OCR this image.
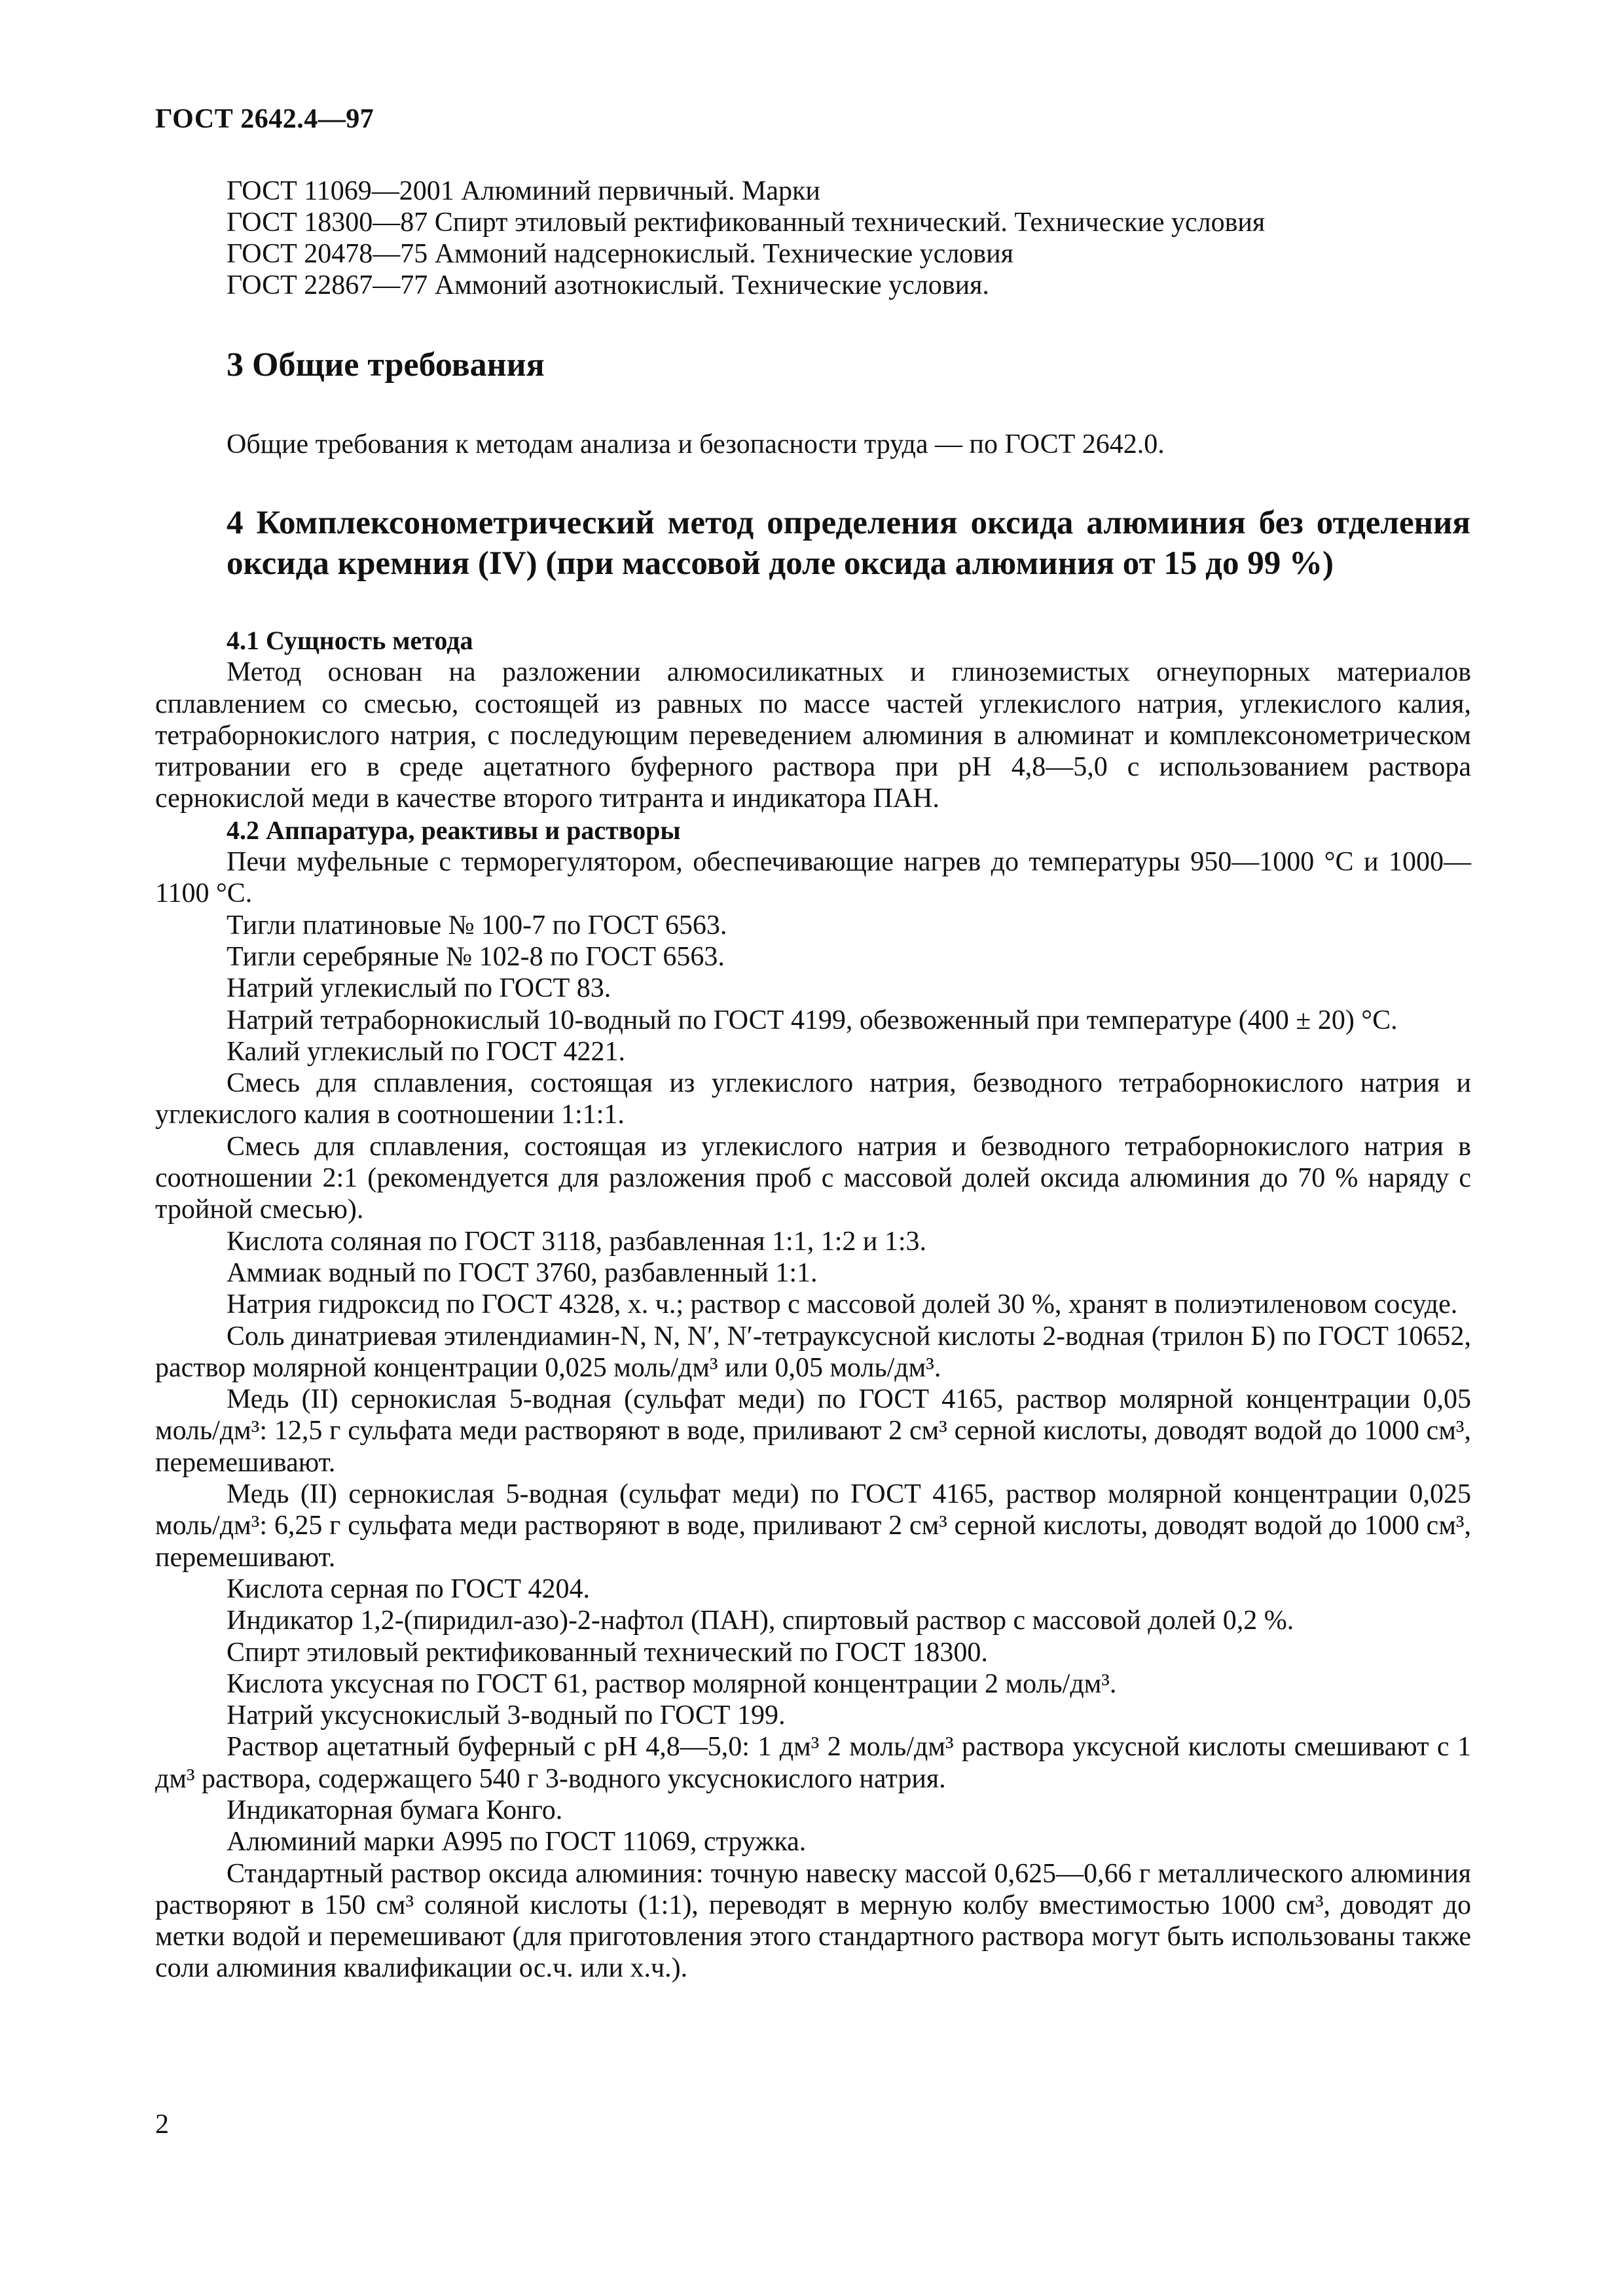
ГОСТ 2642.4—97
ГОСТ 11069—2001 Алюминий первичный. Марки
ГОСТ 18300—87 Спирт этиловый ректификованный технический. Технические условия
ГОСТ 20478—75 Аммоний надсернокислый. Технические условия
ГОСТ 22867—77 Аммоний азотнокислый. Технические условия.
3 Общие требования
Общие требования к методам анализа и безопасности труда — по ГОСТ 2642.0.
4 Комплексонометрический метод определения оксида алюминия без отделения оксида кремния (IV) (при массовой доле оксида алюминия от 15 до 99 %)
4.1 Сущность метода
Метод основан на разложении алюмосиликатных и глиноземистых огнеупорных материалов сплавлением со смесью, состоящей из равных по массе частей углекислого натрия, углекислого калия, тетраборнокислого натрия, с последующим переведением алюминия в алюминат и комплексонометрическом титровании его в среде ацетатного буферного раствора при рН 4,8—5,0 с использованием раствора сернокислой меди в качестве второго титранта и индикатора ПАН.
4.2 Аппаратура, реактивы и растворы
Печи муфельные с терморегулятором, обеспечивающие нагрев до температуры 950—1000 °С и 1000—1100 °С.
Тигли платиновые № 100-7 по ГОСТ 6563.
Тигли серебряные № 102-8 по ГОСТ 6563.
Натрий углекислый по ГОСТ 83.
Натрий тетраборнокислый 10-водный по ГОСТ 4199, обезвоженный при температуре (400 ± 20) °С.
Калий углекислый по ГОСТ 4221.
Смесь для сплавления, состоящая из углекислого натрия, безводного тетраборнокислого натрия и углекислого калия в соотношении 1:1:1.
Смесь для сплавления, состоящая из углекислого натрия и безводного тетраборнокислого натрия в соотношении 2:1 (рекомендуется для разложения проб с массовой долей оксида алюминия до 70 % наряду с тройной смесью).
Кислота соляная по ГОСТ 3118, разбавленная 1:1, 1:2 и 1:3.
Аммиак водный по ГОСТ 3760, разбавленный 1:1.
Натрия гидроксид по ГОСТ 4328, х. ч.; раствор с массовой долей 30 %, хранят в полиэтиленовом сосуде.
Соль динатриевая этилендиамин-N, N, N′, N′-тетрауксусной кислоты 2-водная (трилон Б) по ГОСТ 10652, раствор молярной концентрации 0,025 моль/дм³ или 0,05 моль/дм³.
Медь (II) сернокислая 5-водная (сульфат меди) по ГОСТ 4165, раствор молярной концентрации 0,05 моль/дм³: 12,5 г сульфата меди растворяют в воде, приливают 2 см³ серной кислоты, доводят водой до 1000 см³, перемешивают.
Медь (II) сернокислая 5-водная (сульфат меди) по ГОСТ 4165, раствор молярной концентрации 0,025 моль/дм³: 6,25 г сульфата меди растворяют в воде, приливают 2 см³ серной кислоты, доводят водой до 1000 см³, перемешивают.
Кислота серная по ГОСТ 4204.
Индикатор 1,2-(пиридил-азо)-2-нафтол (ПАН), спиртовый раствор с массовой долей 0,2 %.
Спирт этиловый ректификованный технический по ГОСТ 18300.
Кислота уксусная по ГОСТ 61, раствор молярной концентрации 2 моль/дм³.
Натрий уксуснокислый 3-водный по ГОСТ 199.
Раствор ацетатный буферный с рН 4,8—5,0: 1 дм³ 2 моль/дм³ раствора уксусной кислоты смешивают с 1 дм³ раствора, содержащего 540 г 3-водного уксуснокислого натрия.
Индикаторная бумага Конго.
Алюминий марки А995 по ГОСТ 11069, стружка.
Стандартный раствор оксида алюминия: точную навеску массой 0,625—0,66 г металлического алюминия растворяют в 150 см³ соляной кислоты (1:1), переводят в мерную колбу вместимостью 1000 см³, доводят до метки водой и перемешивают (для приготовления этого стандартного раствора могут быть использованы также соли алюминия квалификации ос.ч. или х.ч.).
2
